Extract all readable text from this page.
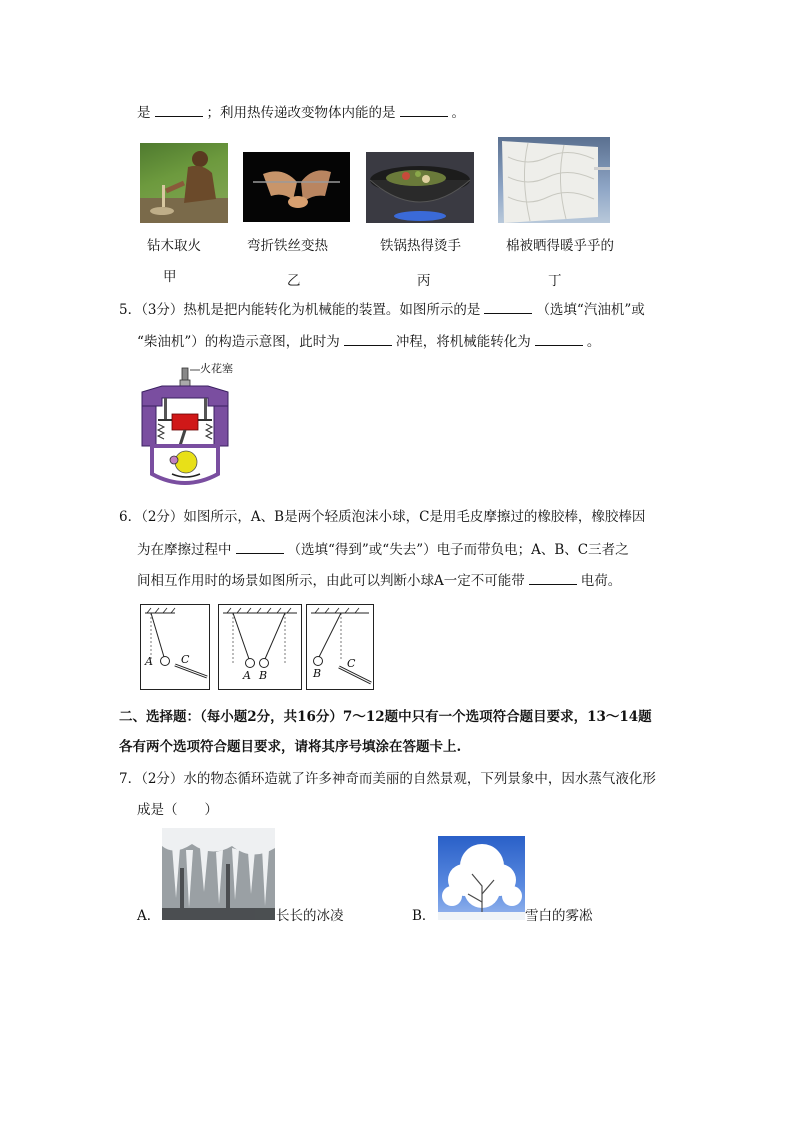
是	；利用热传递改变物体内能的是	。
钻木取火
甲
弯折铁丝变热
乙
铁锅热得烫手
丙
棉被晒得暖乎乎的
丁
5．（3分）热机是把内能转化为机械能的装置。如图所示的是	（选填“汽油机”或
“柴油机”）的构造示意图，此时为	冲程，将机械能转化为	。
火花塞
6．（2分）如图所示，A、B是两个轻质泡沫小球，C是用毛皮摩擦过的橡胶棒，橡胶棒因
为在摩擦过程中	（选填“得到”或“失去”）电子而带负电；A、B、C三者之
间相互作用时的场景如图所示，由此可以判断小球A一定不可能带	电荷。
A	C
A B	B
C
二、选择题：（每小题2分，共16分）7～12题中只有一个选项符合题目要求，13～14题
各有两个选项符合题目要求，请将其序号填涂在答题卡上.
7．（2分）水的物态循环造就了许多神奇而美丽的自然景观，下列景象中，因水蒸气液化形
成是（　　）
A．	长长的冰凌	B．	雪白的雾凇
